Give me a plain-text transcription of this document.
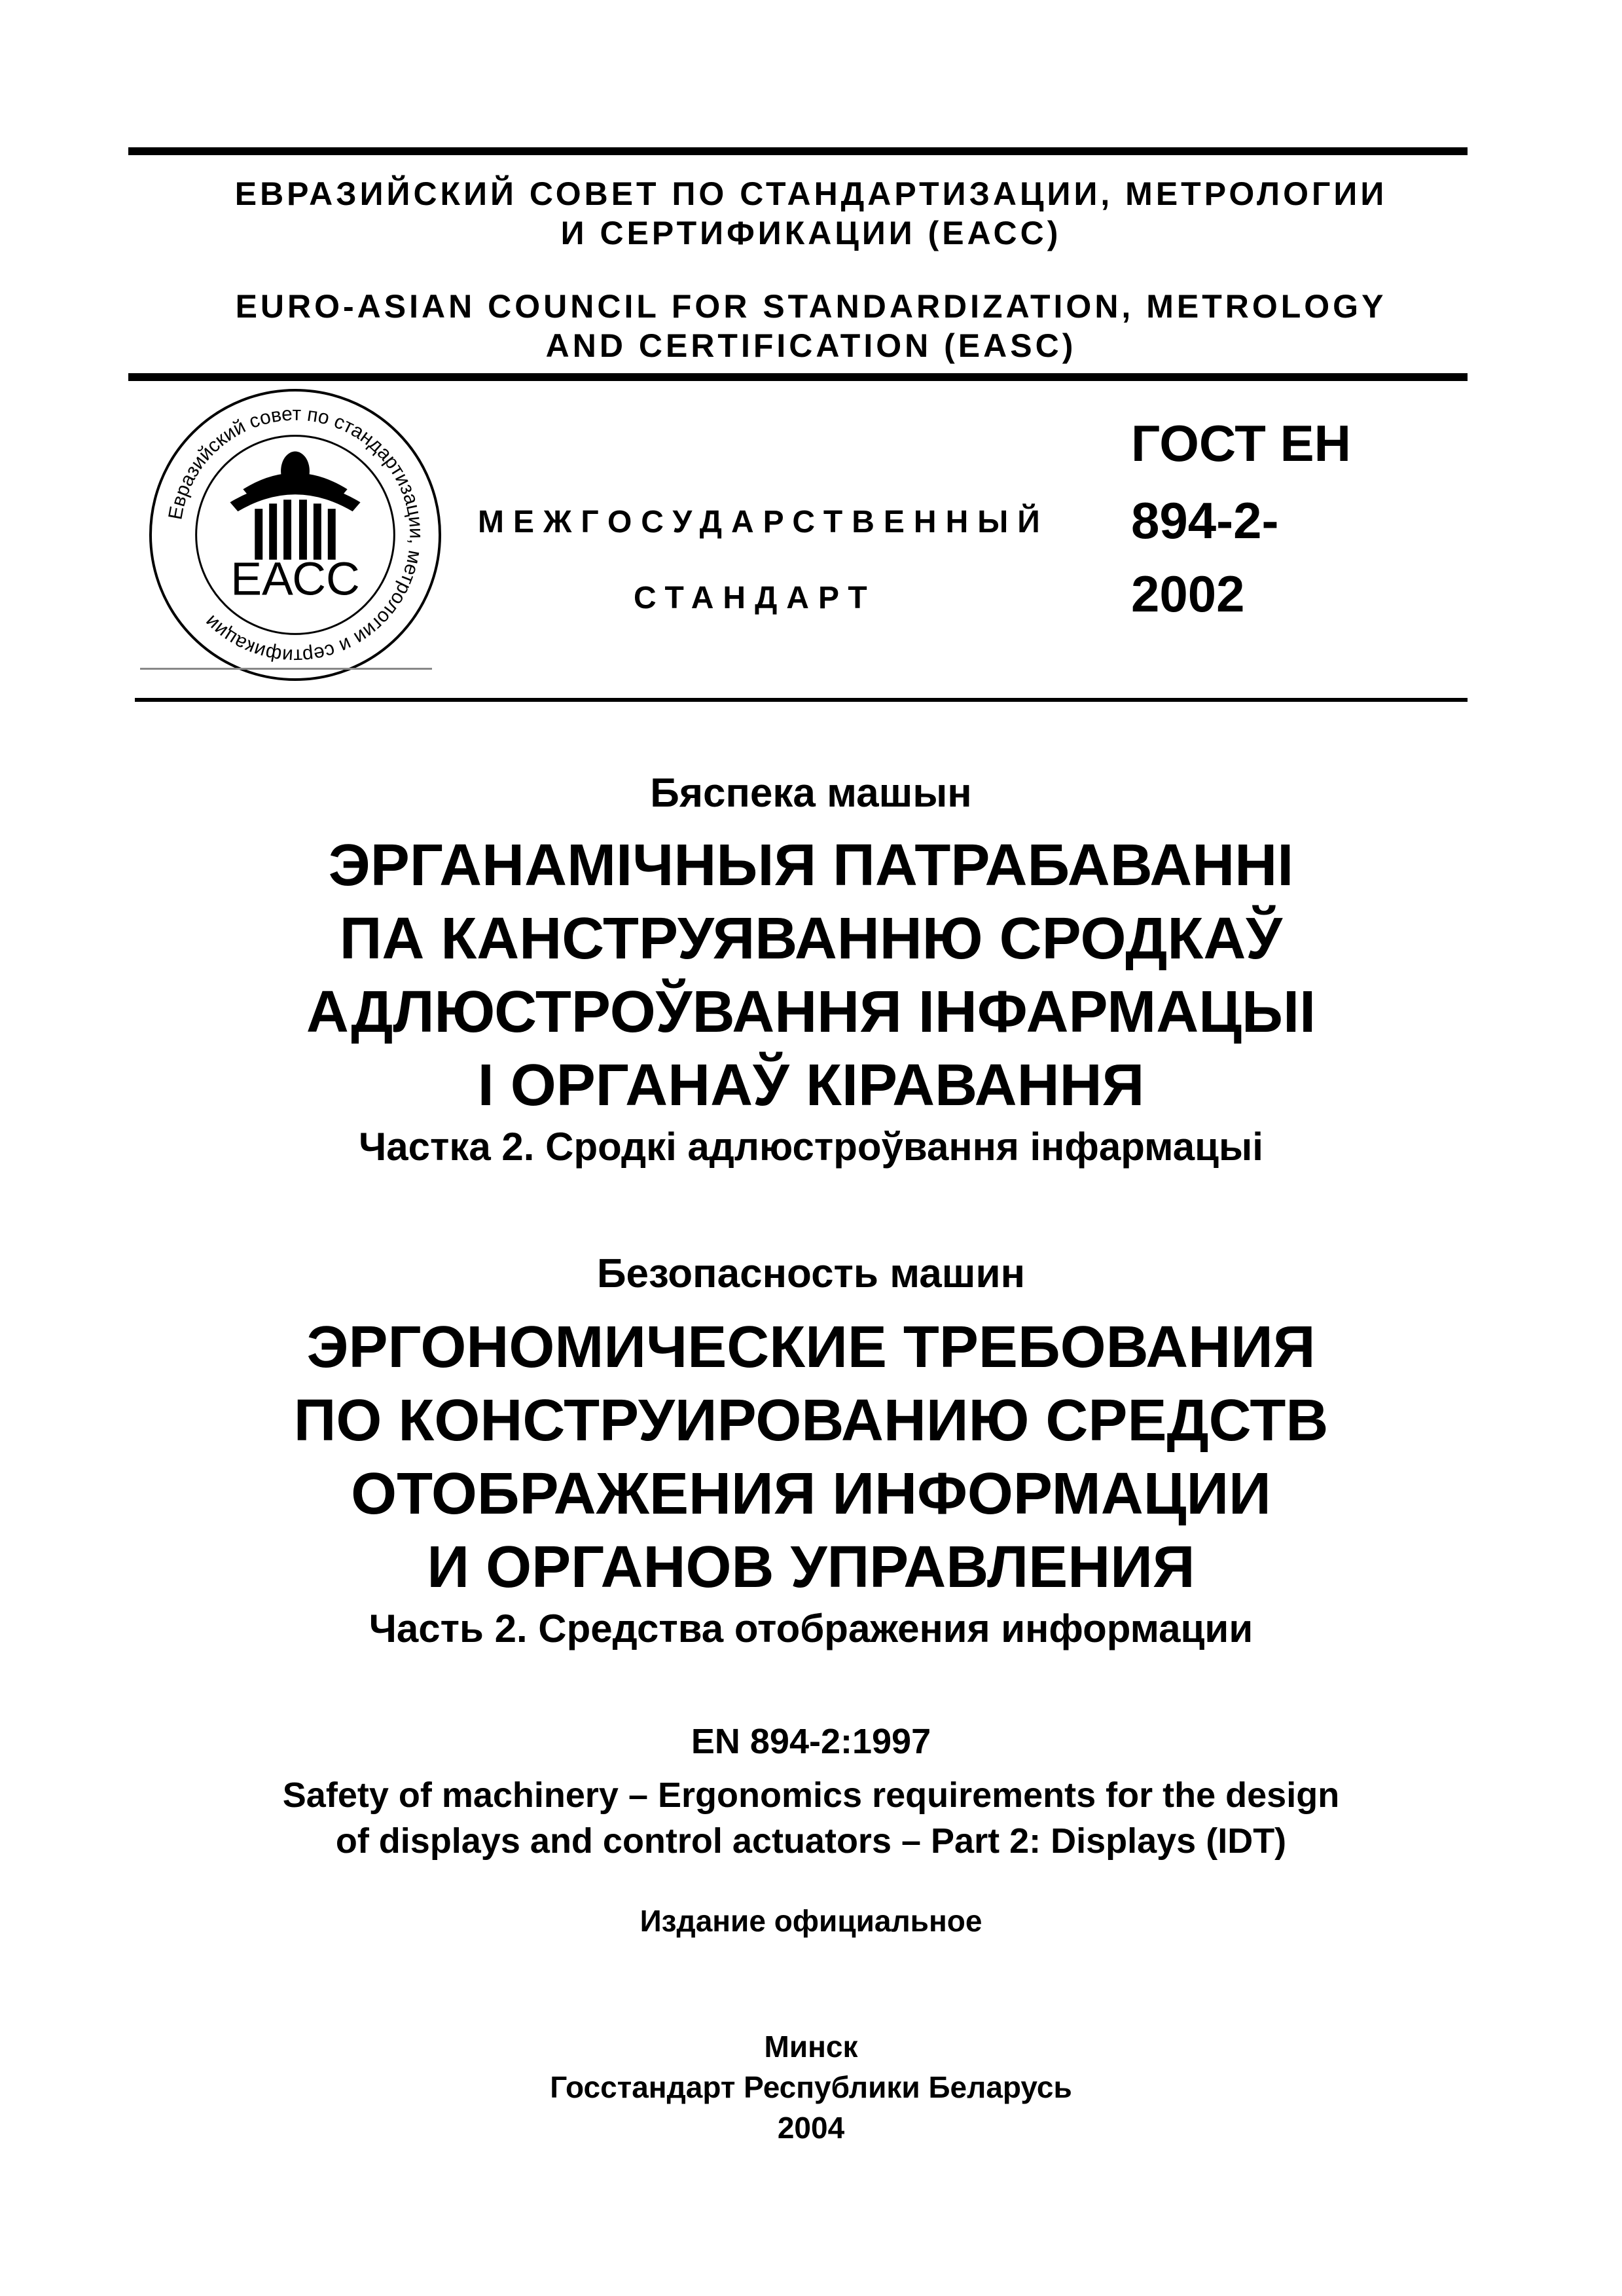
ЕВРАЗИЙСКИЙ СОВЕТ ПО СТАНДАРТИЗАЦИИ, МЕТРОЛОГИИ
И СЕРТИФИКАЦИИ (ЕАСС)
EURO-ASIAN COUNCIL FOR STANDARDIZATION, METROLOGY
AND CERTIFICATION (EASC)
Евразийский совет по стандартизации, метрологии и сертификации
ЕАСС
МЕЖГОСУДАРСТВЕННЫЙ
СТАНДАРТ
ГОСТ ЕН
894-2-
2002
Бяспека машын
ЭРГАНАМІЧНЫЯ ПАТРАБАВАННІ
ПА КАНСТРУЯВАННЮ СРОДКАЎ
АДЛЮСТРОЎВАННЯ ІНФАРМАЦЫІ
І ОРГАНАЎ КІРАВАННЯ
Частка 2. Сродкі адлюстроўвання інфармацыі
Безопасность машин
ЭРГОНОМИЧЕСКИЕ ТРЕБОВАНИЯ
ПО КОНСТРУИРОВАНИЮ СРЕДСТВ
ОТОБРАЖЕНИЯ ИНФОРМАЦИИ
И ОРГАНОВ УПРАВЛЕНИЯ
Часть 2. Средства отображения информации
EN 894-2:1997
Safety of machinery – Ergonomics requirements for the design
of displays and control actuators – Part 2: Displays (IDT)
Издание официальное
Минск
Госстандарт Республики Беларусь
2004
